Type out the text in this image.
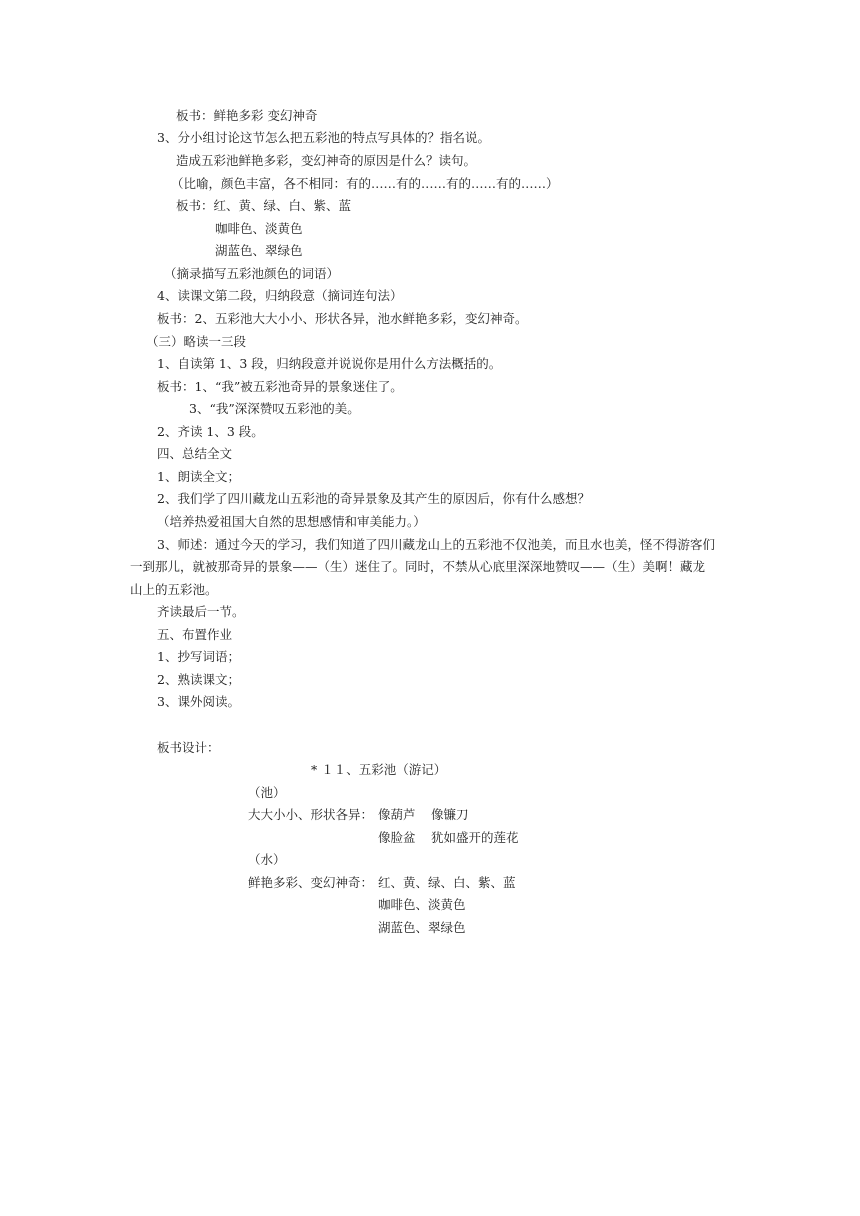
板书：鲜艳多彩 变幻神奇
3、分小组讨论这节怎么把五彩池的特点写具体的？指名说。
造成五彩池鲜艳多彩，变幻神奇的原因是什么？读句。
（比喻，颜色丰富，各不相同：有的……有的……有的……有的……）
板书：红、黄、绿、白、紫、蓝
咖啡色、淡黄色
湖蓝色、翠绿色
（摘录描写五彩池颜色的词语）
4、读课文第二段，归纳段意（摘词连句法）
板书：2、五彩池大大小小、形状各异，池水鲜艳多彩，变幻神奇。
（三）略读一三段
1、自读第 1、3 段，归纳段意并说说你是用什么方法概括的。
板书：1、“我”被五彩池奇异的景象迷住了。
3、“我”深深赞叹五彩池的美。
2、齐读 1、3 段。
四、总结全文
1、朗读全文；
2、我们学了四川藏龙山五彩池的奇异景象及其产生的原因后，你有什么感想？
（培养热爱祖国大自然的思想感情和审美能力。）
3、师述：通过今天的学习，我们知道了四川藏龙山上的五彩池不仅池美，而且水也美，怪不得游客们
一到那儿，就被那奇异的景象——（生）迷住了。同时，不禁从心底里深深地赞叹——（生）美啊！藏龙
山上的五彩池。
齐读最后一节。
五、布置作业
1、抄写词语；
2、熟读课文；
3、课外阅读。
板书设计：
* １１、五彩池（游记）
（池）
大大小小、形状各异： 像葫芦 像镰刀
像脸盆 犹如盛开的莲花
（水）
鲜艳多彩、变幻神奇： 红、黄、绿、白、紫、蓝
咖啡色、淡黄色
湖蓝色、翠绿色
